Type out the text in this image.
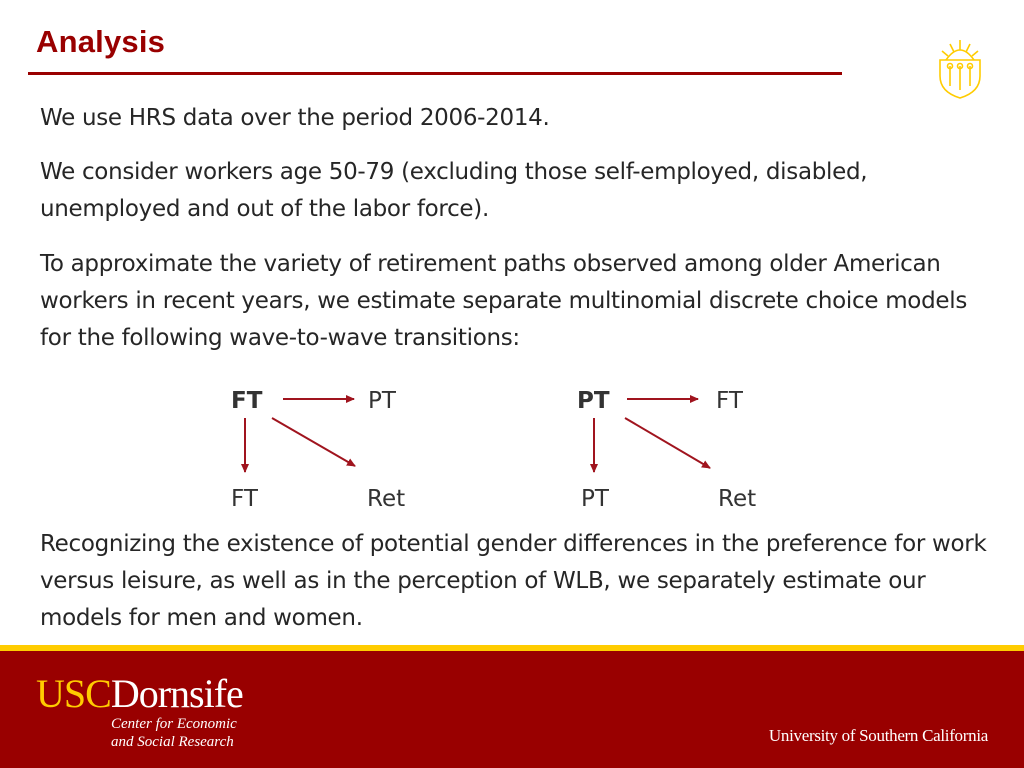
Analysis

We use HRS data over the period 2006-2014.

We consider workers age 50-79 (excluding those self-employed, disabled, unemployed and out of the labor force).

To approximate the variety of retirement paths observed among older American workers in recent years, we estimate separate multinomial discrete choice models for the following wave-to-wave transitions:

FT	PT
FT	Ret
PT	FT
PT	Ret

Recognizing the existence of potential gender differences in the preference for work versus leisure, as well as in the perception of WLB, we separately estimate our models for men and women.

USCDornsife
Center for Economic
and Social Research	University of Southern California
